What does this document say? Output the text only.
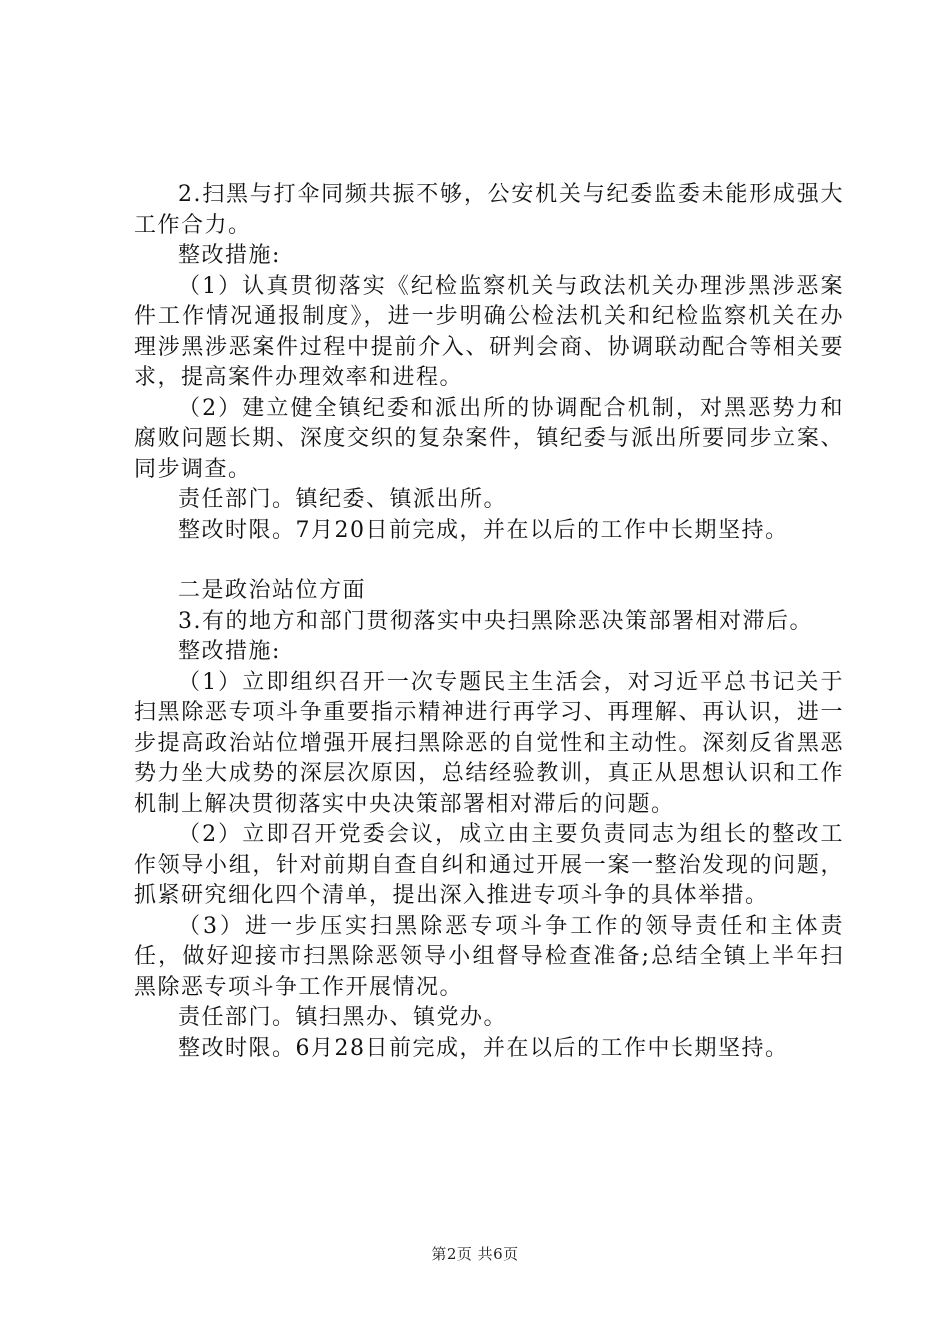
2.扫黑与打伞同频共振不够，公安机关与纪委监委未能形成强大工作合力。

整改措施:

（1）认真贯彻落实《纪检监察机关与政法机关办理涉黑涉恶案件工作情况通报制度》，进一步明确公检法机关和纪检监察机关在办理涉黑涉恶案件过程中提前介入、研判会商、协调联动配合等相关要求，提高案件办理效率和进程。

（2）建立健全镇纪委和派出所的协调配合机制，对黑恶势力和腐败问题长期、深度交织的复杂案件，镇纪委与派出所要同步立案、同步调查。

责任部门。镇纪委、镇派出所。

整改时限。7月20日前完成，并在以后的工作中长期坚持。

二是政治站位方面

3.有的地方和部门贯彻落实中央扫黑除恶决策部署相对滞后。

整改措施:

（1）立即组织召开一次专题民主生活会，对习近平总书记关于扫黑除恶专项斗争重要指示精神进行再学习、再理解、再认识，进一步提高政治站位增强开展扫黑除恶的自觉性和主动性。深刻反省黑恶势力坐大成势的深层次原因，总结经验教训，真正从思想认识和工作机制上解决贯彻落实中央决策部署相对滞后的问题。

（2）立即召开党委会议，成立由主要负责同志为组长的整改工作领导小组，针对前期自查自纠和通过开展一案一整治发现的问题，抓紧研究细化四个清单，提出深入推进专项斗争的具体举措。

（3）进一步压实扫黑除恶专项斗争工作的领导责任和主体责任，做好迎接市扫黑除恶领导小组督导检查准备;总结全镇上半年扫黑除恶专项斗争工作开展情况。

责任部门。镇扫黑办、镇党办。

整改时限。6月28日前完成，并在以后的工作中长期坚持。

第2页 共6页
